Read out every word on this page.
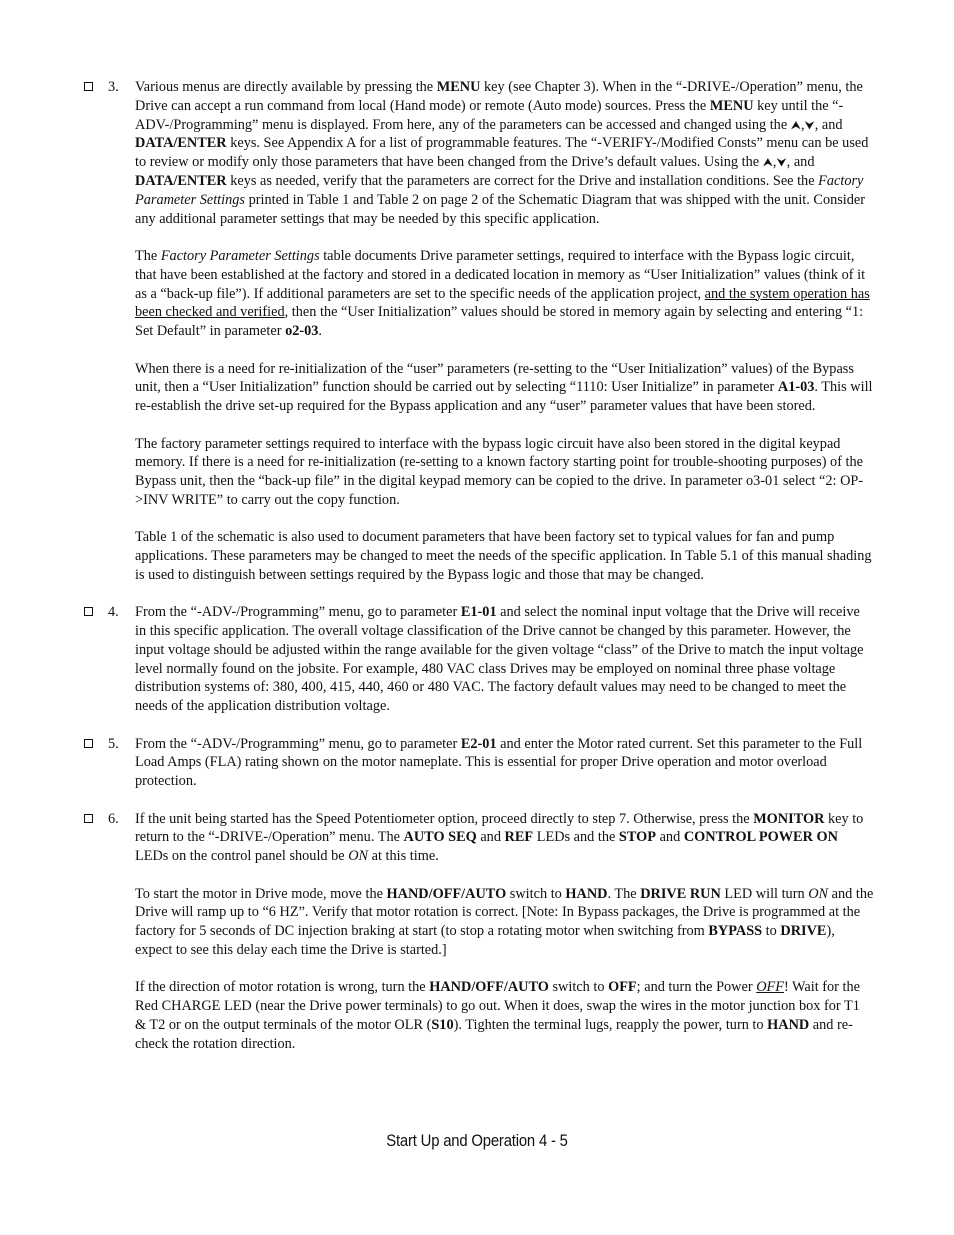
3. Various menus are directly available by pressing the MENU key (see Chapter 3). When in the “-DRIVE-/Operation” menu, the Drive can accept a run command from local (Hand mode) or remote (Auto mode) sources. Press the MENU key until the “-ADV-/Programming” menu is displayed. From here, any of the parameters can be accessed and changed using the ⮝,⮟, and DATA/ENTER keys. See Appendix A for a list of programmable features. The “-VERIFY-/Modified Consts” menu can be used to review or modify only those parameters that have been changed from the Drive’s default values. Using the ⮝,⮟, and DATA/ENTER keys as needed, verify that the parameters are correct for the Drive and installation conditions. See the Factory Parameter Settings printed in Table 1 and Table 2 on page 2 of the Schematic Diagram that was shipped with the unit. Consider any additional parameter settings that may be needed by this specific application.

The Factory Parameter Settings table documents Drive parameter settings, required to interface with the Bypass logic circuit, that have been established at the factory and stored in a dedicated location in memory as “User Initialization” values (think of it as a “back-up file”). If additional parameters are set to the specific needs of the application project, and the system operation has been checked and verified, then the “User Initialization” values should be stored in memory again by selecting and entering “1: Set Default” in parameter o2-03.

When there is a need for re-initialization of the “user” parameters (re-setting to the “User Initialization” values) of the Bypass unit, then a “User Initialization” function should be carried out by selecting “1110: User Initialize” in parameter A1-03. This will re-establish the drive set-up required for the Bypass application and any “user” parameter values that have been stored.

The factory parameter settings required to interface with the bypass logic circuit have also been stored in the digital keypad memory. If there is a need for re-initialization (re-setting to a known factory starting point for trouble-shooting purposes) of the Bypass unit, then the “back-up file” in the digital keypad memory can be copied to the drive. In parameter o3-01 select “2: OP->INV WRITE” to carry out the copy function.

Table 1 of the schematic is also used to document parameters that have been factory set to typical values for fan and pump applications. These parameters may be changed to meet the needs of the specific application. In Table 5.1 of this manual shading is used to distinguish between settings required by the Bypass logic and those that may be changed.

4. From the “-ADV-/Programming” menu, go to parameter E1-01 and select the nominal input voltage that the Drive will receive in this specific application. The overall voltage classification of the Drive cannot be changed by this parameter. However, the input voltage should be adjusted within the range available for the given voltage “class” of the Drive to match the input voltage level normally found on the jobsite. For example, 480 VAC class Drives may be employed on nominal three phase voltage distribution systems of: 380, 400, 415, 440, 460 or 480 VAC. The factory default values may need to be changed to meet the needs of the application distribution voltage.

5. From the “-ADV-/Programming” menu, go to parameter E2-01 and enter the Motor rated current. Set this parameter to the Full Load Amps (FLA) rating shown on the motor nameplate. This is essential for proper Drive operation and motor overload protection.

6. If the unit being started has the Speed Potentiometer option, proceed directly to step 7. Otherwise, press the MONITOR key to return to the “-DRIVE-/Operation” menu. The AUTO SEQ and REF LEDs and the STOP and CONTROL POWER ON LEDs on the control panel should be ON at this time.

To start the motor in Drive mode, move the HAND/OFF/AUTO switch to HAND. The DRIVE RUN LED will turn ON and the Drive will ramp up to “6 HZ”. Verify that motor rotation is correct. [Note: In Bypass packages, the Drive is programmed at the factory for 5 seconds of DC injection braking at start (to stop a rotating motor when switching from BYPASS to DRIVE), expect to see this delay each time the Drive is started.]

If the direction of motor rotation is wrong, turn the HAND/OFF/AUTO switch to OFF; and turn the Power OFF! Wait for the Red CHARGE LED (near the Drive power terminals) to go out. When it does, swap the wires in the motor junction box for T1 & T2 or on the output terminals of the motor OLR (S10). Tighten the terminal lugs, reapply the power, turn to HAND and re-check the rotation direction.

Start Up and Operation 4 - 5
